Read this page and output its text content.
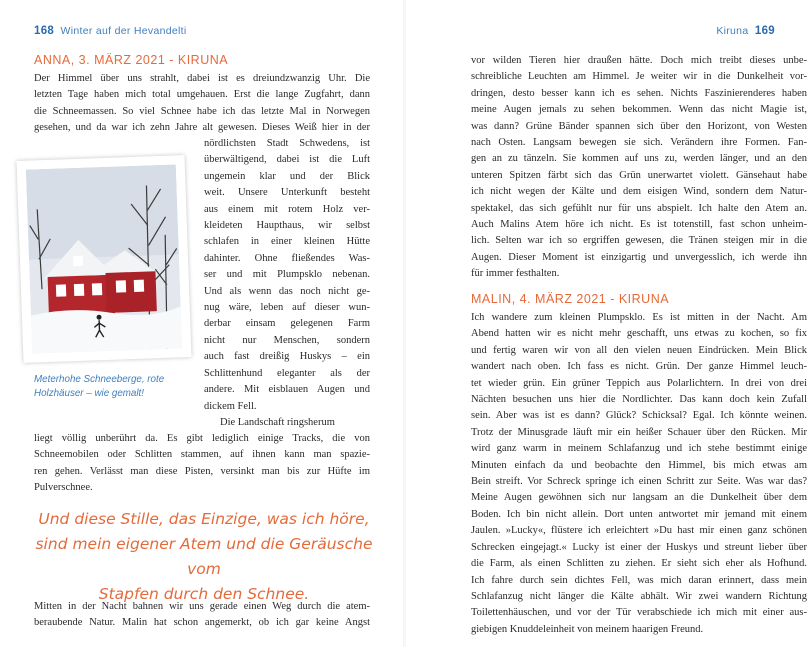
168 Winter auf der Hevandelti
ANNA, 3. MÄRZ 2021 - KIRUNA
Der Himmel über uns strahlt, dabei ist es dreiundzwanzig Uhr. Die
letzten Tage haben mich total umgehauen. Erst die lange Zugfahrt, dann
die Schneemassen. So viel Schnee habe ich das letzte Mal in Norwegen
gesehen, und da war ich zehn Jahre alt gewesen. Dieses Weiß hier in der
nördlichsten Stadt Schwedens, ist
überwältigend, dabei ist die Luft
ungemein klar und der Blick
weit. Unsere Unterkunft besteht
aus einem mit rotem Holz ver-
kleideten Haupthaus, wir selbst
schlafen in einer kleinen Hütte
dahinter. Ohne fließendes Was-
ser und mit Plumpsklo nebenan.
Und als wenn das noch nicht ge-
nug wäre, leben auf dieser wun-
derbar einsam gelegenen Farm
nicht nur Menschen, sondern
auch fast dreißig Huskys – ein
Schlittenhund eleganter als der
andere. Mit eisblauen Augen und
dickem Fell.
Die Landschaft ringsherum
liegt völlig unberührt da. Es gibt lediglich einige Tracks, die von
Schneemobilen oder Schlitten stammen, auf ihnen kann man spazie-
ren gehen. Verlässt man diese Pisten, versinkt man bis zur Hüfte im
Pulverschnee.
Meterhohe Schneeberge, rote Holzhäuser – wie gemalt!
Und diese Stille, das Einzige, was ich höre,
sind mein eigener Atem und die Geräusche vom
Stapfen durch den Schnee.
Mitten in der Nacht bahnen wir uns gerade einen Weg durch die atem-
beraubende Natur. Malin hat schon angemerkt, ob ich gar keine Angst
Kiruna 169
vor wilden Tieren hier draußen hätte. Doch mich treibt dieses unbe-
schreibliche Leuchten am Himmel. Je weiter wir in die Dunkelheit vor-
dringen, desto besser kann ich es sehen. Nichts Faszinierenderes haben
meine Augen jemals zu sehen bekommen. Wenn das nicht Magie ist,
was dann? Grüne Bänder spannen sich über den Horizont, von Westen
nach Osten. Langsam bewegen sie sich. Verändern ihre Formen. Fan-
gen an zu tänzeln. Sie kommen auf uns zu, werden länger, und an den
unteren Spitzen färbt sich das Grün unerwartet violett. Gänsehaut habe
ich nicht wegen der Kälte und dem eisigen Wind, sondern dem Natur-
spektakel, das sich gefühlt nur für uns abspielt. Ich halte den Atem an.
Auch Malins Atem höre ich nicht. Es ist totenstill, fast schon unheim-
lich. Selten war ich so ergriffen gewesen, die Tränen steigen mir in die
Augen. Dieser Moment ist einzigartig und unvergesslich, ich werde ihn
für immer festhalten.
MALIN, 4. MÄRZ 2021 - KIRUNA
Ich wandere zum kleinen Plumpsklo. Es ist mitten in der Nacht. Am
Abend hatten wir es nicht mehr geschafft, uns etwas zu kochen, so fix
und fertig waren wir von all den vielen neuen Eindrücken. Mein Blick
wandert nach oben. Ich fass es nicht. Grün. Der ganze Himmel leuch-
tet wieder grün. Ein grüner Teppich aus Polarlichtern. In drei von drei
Nächten besuchen uns hier die Nordlichter. Das kann doch kein Zufall
sein. Aber was ist es dann? Glück? Schicksal? Egal. Ich könnte weinen.
Trotz der Minusgrade läuft mir ein heißer Schauer über den Rücken. Mir
wird ganz warm in meinem Schlafanzug und ich stehe bestimmt einige
Minuten einfach da und beobachte den Himmel, bis mich etwas am
Bein streift. Vor Schreck springe ich einen Schritt zur Seite. Was war das?
Meine Augen gewöhnen sich nur langsam an die Dunkelheit über dem
Boden. Ich bin nicht allein. Dort unten antwortet mir jemand mit einem
Jaulen. »Lucky«, flüstere ich erleichtert »Du hast mir einen ganz schönen
Schrecken eingejagt.« Lucky ist einer der Huskys und streunt lieber über
die Farm, als einen Schlitten zu ziehen. Er sieht sich eher als Hofhund.
Ich fahre durch sein dichtes Fell, was mich daran erinnert, dass mein
Schlafanzug nicht länger die Kälte abhält. Wir zwei wandern Richtung
Toilettenhäuschen, und vor der Tür verabschiede ich mich mit einer aus-
giebigen Knuddeleinheit von meinem haarigen Freund.
